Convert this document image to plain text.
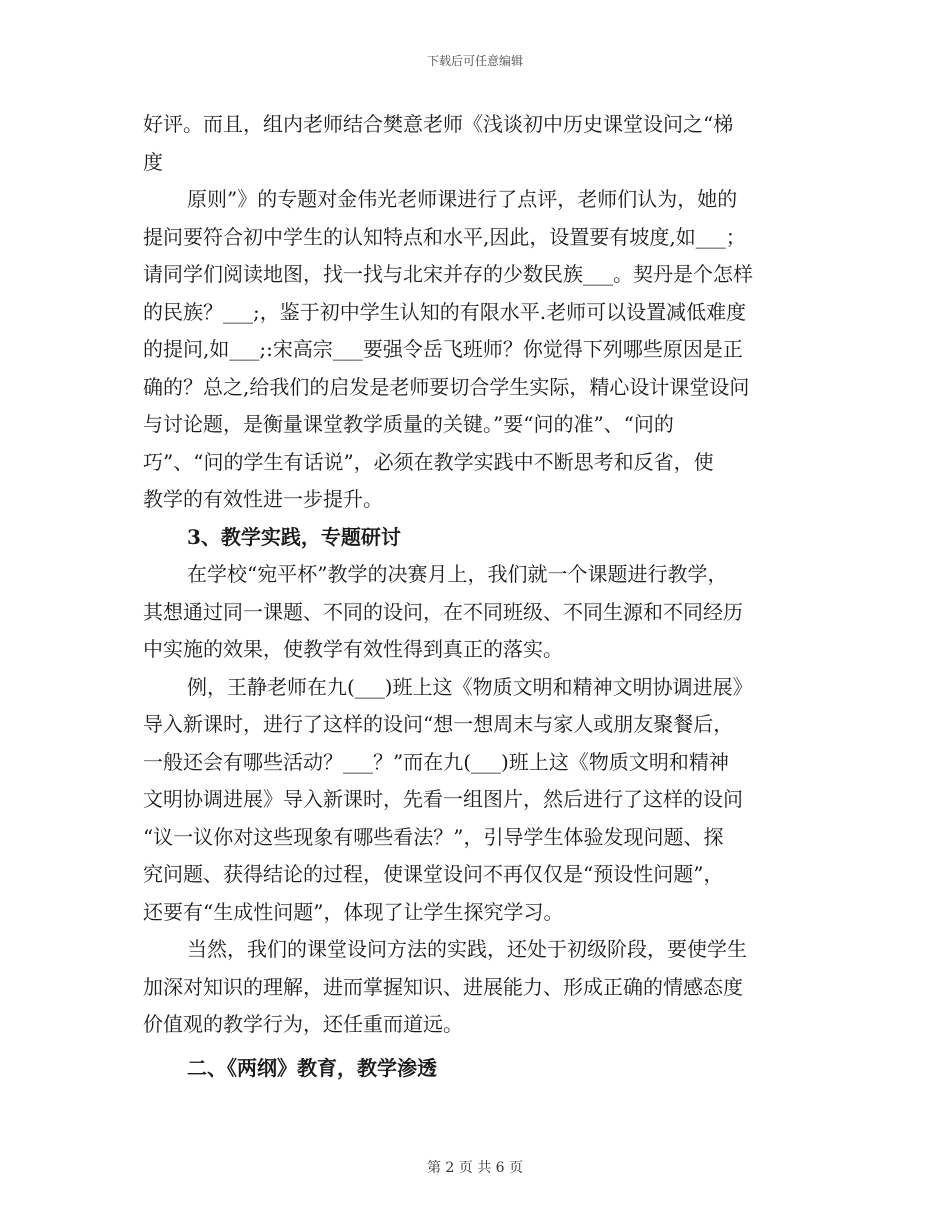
下载后可任意编辑
好评。而且，组内老师结合樊意老师《浅谈初中历史课堂设问之“梯
度
原则”》的专题对金伟光老师课进行了点评，老师们认为，她的
提问要符合初中学生的认知特点和水平,因此，设置要有坡度,如___；
请同学们阅读地图，找一找与北宋并存的少数民族___。契丹是个怎样
的民族？___;，鉴于初中学生认知的有限水平.老师可以设置减低难度
的提问,如___;:宋高宗___要强令岳飞班师？你觉得下列哪些原因是正
确的？总之,给我们的启发是老师要切合学生实际，精心设计课堂设问
与讨论题，是衡量课堂教学质量的关键。”要“问的准”、“问的
巧”、“问的学生有话说”，必须在教学实践中不断思考和反省，使
教学的有效性进一步提升。
3、教学实践，专题研讨
在学校“宛平杯”教学的决赛月上，我们就一个课题进行教学，
其想通过同一课题、不同的设问，在不同班级、不同生源和不同经历
中实施的效果，使教学有效性得到真正的落实。
例，王静老师在九(___)班上这《物质文明和精神文明协调进展》
导入新课时，进行了这样的设问“想一想周末与家人或朋友聚餐后，
一般还会有哪些活动？___？”而在九(___)班上这《物质文明和精神
文明协调进展》导入新课时，先看一组图片，然后进行了这样的设问
“议一议你对这些现象有哪些看法？”，引导学生体验发现问题、探
究问题、获得结论的过程，使课堂设问不再仅仅是“预设性问题”，
还要有“生成性问题”，体现了让学生探究学习。
当然，我们的课堂设问方法的实践，还处于初级阶段，要使学生
加深对知识的理解，进而掌握知识、进展能力、形成正确的情感态度
价值观的教学行为，还任重而道远。
二、《两纲》教育，教学渗透
第 2 页 共 6 页
